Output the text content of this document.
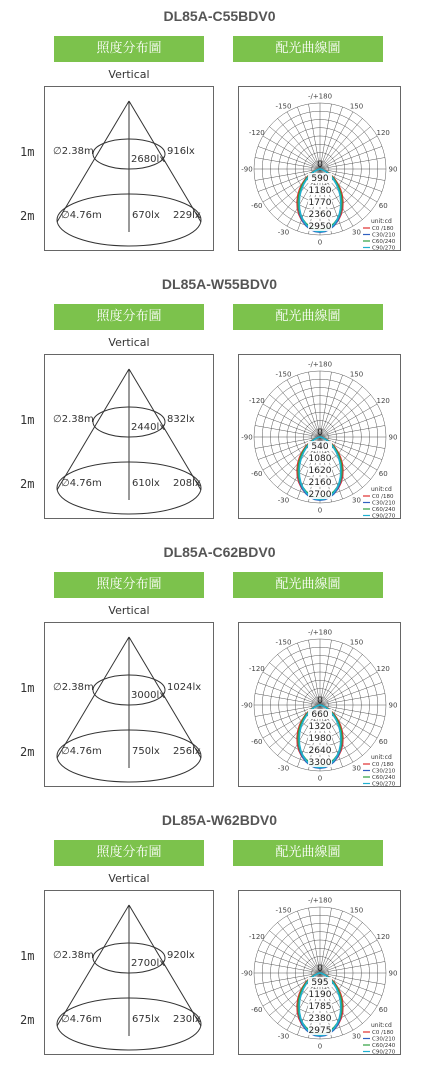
DL85A-C55BDV0
照度分布圖	配光曲線圖
Vertical
1m
2m
∅2.38m
2680lx
916lx
∅4.76m	670lx 229lx
-/+180
-150	150
-120	120
-90	90
-60	60
-30	30
0
0
590
1180
1770
2360
2950
unit:cd
C0 /180
C30/210
C60/240
C90/270
DL85A-W55BDV0
照度分布圖	配光曲線圖
Vertical
1m
2m
∅2.38m
2440lx
832lx
∅4.76m	610lx 208lx
-/+180
-150	150
-120	120
-90	90
-60	60
-30	30
0
0
540
1080
1620
2160
2700
unit:cd
C0 /180
C30/210
C60/240
C90/270
DL85A-C62BDV0
照度分布圖	配光曲線圖
Vertical
1m
2m
∅2.38m
3000lx
1024lx
∅4.76m	750lx 256lx
-/+180
-150	150
-120	120
-90	90
-60	60
-30	30
0
0
660
1320
1980
2640
3300
unit:cd
C0 /180
C30/210
C60/240
C90/270
DL85A-W62BDV0
照度分布圖	配光曲線圖
Vertical
1m
2m
∅2.38m
2700lx
920lx
∅4.76m	675lx 230lx
-/+180
-150	150
-120	120
-90	90
-60	60
-30	30
0
0
595
1190
1785
2380
2975
unit:cd
C0 /180
C30/210
C60/240
C90/270
